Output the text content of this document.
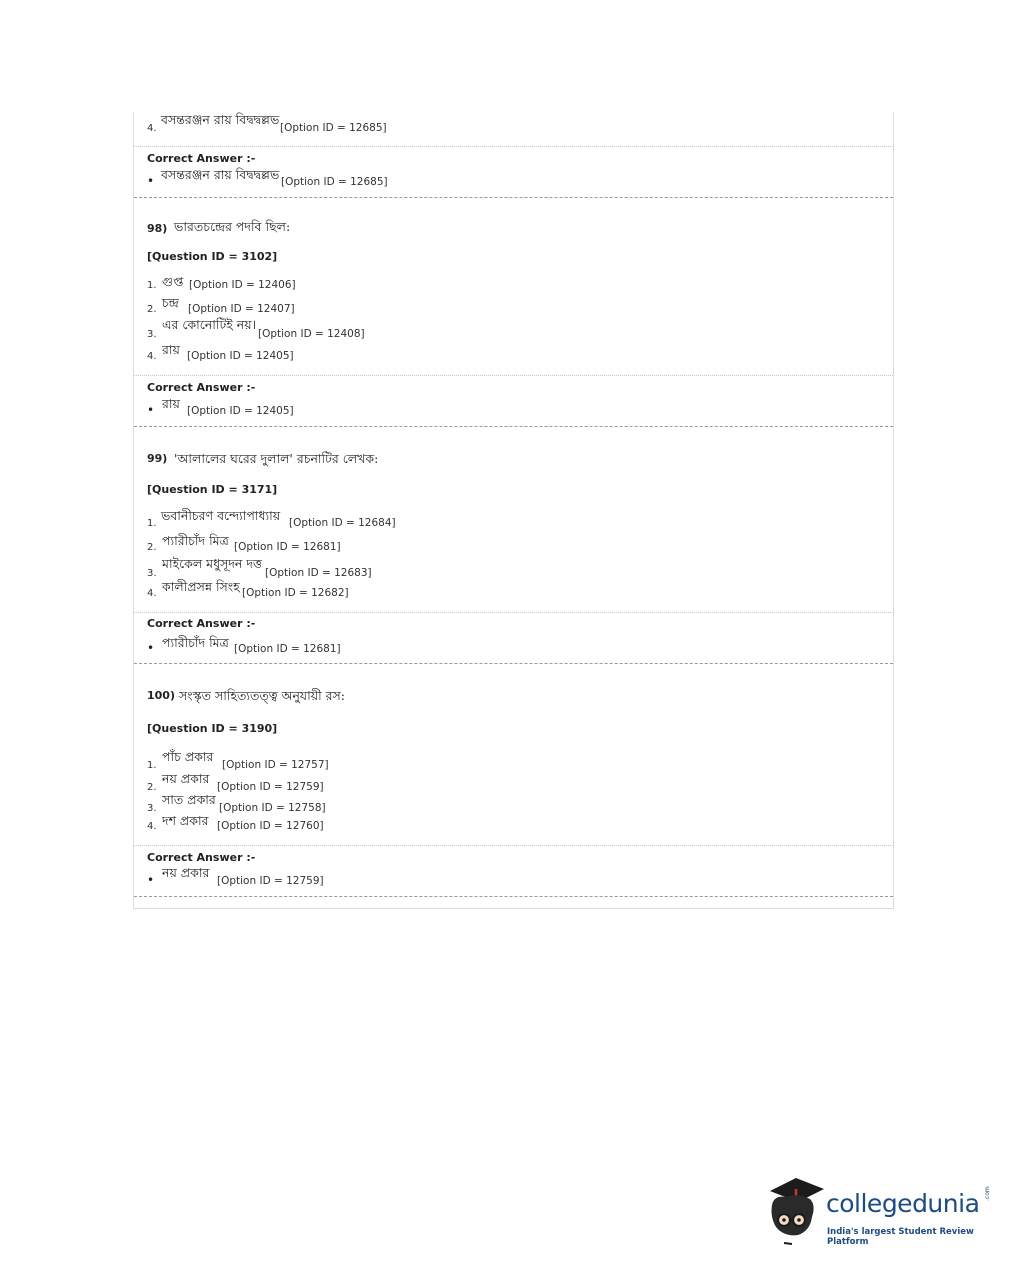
4.
বসন্তরঞ্জন রায় বিদ্বদ্বল্লভ
[Option ID = 12685]
Correct Answer :-
• বসন্তরঞ্জন রায় বিদ্বদ্বল্লভ [Option ID = 12685]
98) ভারতচন্দ্রের পদবি ছিল:
[Question ID = 3102]
1. গুপ্ত [Option ID = 12406]
2. চন্দ্র [Option ID = 12407]
3.
এর কোনোটিই নয়।
[Option ID = 12408]
4. রায় [Option ID = 12405]
Correct Answer :-
• রায় [Option ID = 12405]
99) 'আলালের ঘরের দুলাল' রচনাটির লেখক:
[Question ID = 3171]
1.
ভবানীচরণ বন্দ্যোপাধ্যায় [Option ID = 12684]
2. প্যারীচাঁদ মিত্র [Option ID = 12681]
3.
মাইকেল মধুসূদন দত্ত
[Option ID = 12683]
4. কালীপ্রসন্ন সিংহ [Option ID = 12682]
Correct Answer :-
• প্যারীচাঁদ মিত্র [Option ID = 12681]
100) সংস্কৃত সাহিত্যতত্ত্ব অনুযায়ী রস:
[Question ID = 3190]
1.
পাঁচ প্রকার
[Option ID = 12757]
2.
নয় প্রকার
[Option ID = 12759]
3.
সাত প্রকার
[Option ID = 12758]
4. দশ প্রকার [Option ID = 12760]
Correct Answer :-
• নয় প্রকার
[Option ID = 12759]
collegedunia .com
India's largest Student Review Platform
